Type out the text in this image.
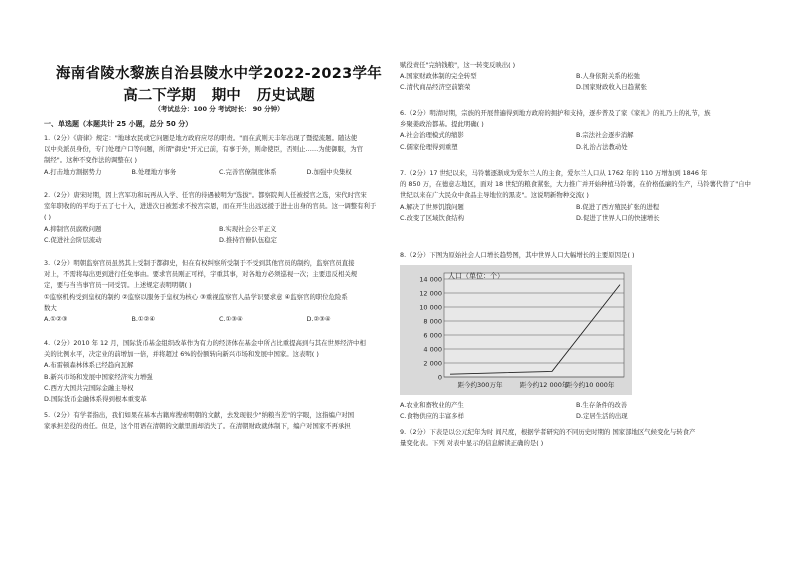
海南省陵水黎族自治县陵水中学2022-2023学年
高二下学期 期中 历史试题
（考试总分：100 分 考试时长： 90 分钟）
一、单选题（本题共计 25 小题，总分 50 分）
1.（2分）《唐律》规定："地球农民或它问题是地方政府应尽的职责。"而在武则天丰年出现了暨提流题。随达使
以中央派员身份，专门处理户口等问题，所谓"御史"开元已前，有事于外，则命使臣，否则止……为使御服，为官
制经"。这种不变作法的调整在( )
A.打击地方割据势力	B.处理地方事务	C.完善官僚制度体系	D.加强中央集权
2.（2分）唐宋时期，因上宫军功和玩再从入学、任官的待遇被明为"选拔"。都察院判人任被授官之选，宋代时宫宋
室年职收的的平均于五了七十入，进进次日被惩求不按宫宗恩，而在开生出远远援于进士出身的官员。这一调整有利于
( )
A.抑制官员腐败问题	B.实现社会公平正义
C.促进社会阶层流动	D.推持宫僚队伍稳定
3.（2分）明朝监察官员虽然其上受制于都御史，但在有权纠察所受制于不受到其他官员的制约，监察官员直接
对上，不需将每出更到进行任免事由。要求官员刚正可样，宇重其事，对各地方必须巡视一次；主要违反相关规
定，要与当当事官员一同受罚。上述规定表明明朝( )
①监察机构受到皇权的制约 ②监察以服务于皇权为核心 ③重视监察官人品学识要求意 ④监察官的职位危险系
数大
A.①②③	B.①②④	C.①③④	D.②③④
4.（2分）2010 年 12 月，国际货币基金组织改革作为有力的经济体在基金中所占比重提高到与其在世界经济中相
关的比例水平，决定业的前增加一倍，并将超过 6%的份额转向新兴市场和发展中国家。这表明( )
A.布雷顿森林体系已经趋向瓦解
B.新兴市场和发展中国家经济实力增强
C.西方大国共完国际金融主导权
D.国际货币金融体系得到根本重变革
5.（2分）有学者指出，我们如果在基本古籍库搜索明朝的文献，去发现很少"纳粮当差"的字眼，这指编户对国
家承担差役的责任。但是，这个用语在清朝的文献里面却消失了。在清朝财政就体制下，编户对国家不再承担
赋役责任"完纳钱粮"，这一转变反映出( )
A.国家财政体制的完全转型	B.人身依附关系的松弛
C.清代商品经济空前繁荣	D.国家财政收入日趋紧张
6.（2分）明清时期，宗族的开展普遍得到地方政府的拥护和支持，逐步普及了家《家礼》的礼乃上的礼节，族
乡聚姜政治都基。提此明确( )
A.社会治理模式的缩影	B.宗法社会逐步消解
C.儒家伦理得到重塑	D.礼治占法教动处
7.（2分）17 世纪以来，马铃薯逐渐成为爱尔兰人的主食，爱尔兰人口从 1762 年的 110 万增加到 1846 年
的 850 万，在德意志地区，面对 18 世纪的粮食紧张，大力推广并开始种植马铃薯，在价格低廉的生产，马铃薯代替了"自中
世纪以来在广大民众中食品主导地位的黑麦"。这说明新物种交流( )
A.解决了世界饥饿问题	B.促进了西方殖民扩张的进程
C.改变了区域饮食结构	D.促进了世界人口的快速增长
8.（2分）下图为原始社会人口增长趋势图，其中世界人口大幅增长的主要原因是( )
0
2 000
4 000
6 000
8 000
10 000
12 000
14 000 人口（单位：个）
距今约300万年	距今约12 000年
距今约10 000年
A.农业和畜牧业的产生	B.生存条件的改善
C.食物供应的丰富多样	D.定居生活的出现
9.（2分）下表是以公元纪年为时 间尺度，根据学者研究的不同历史时期的 国家部地区气候变化与转食产
量变化表。下列 对表中显示的信息解读正确的是( )
